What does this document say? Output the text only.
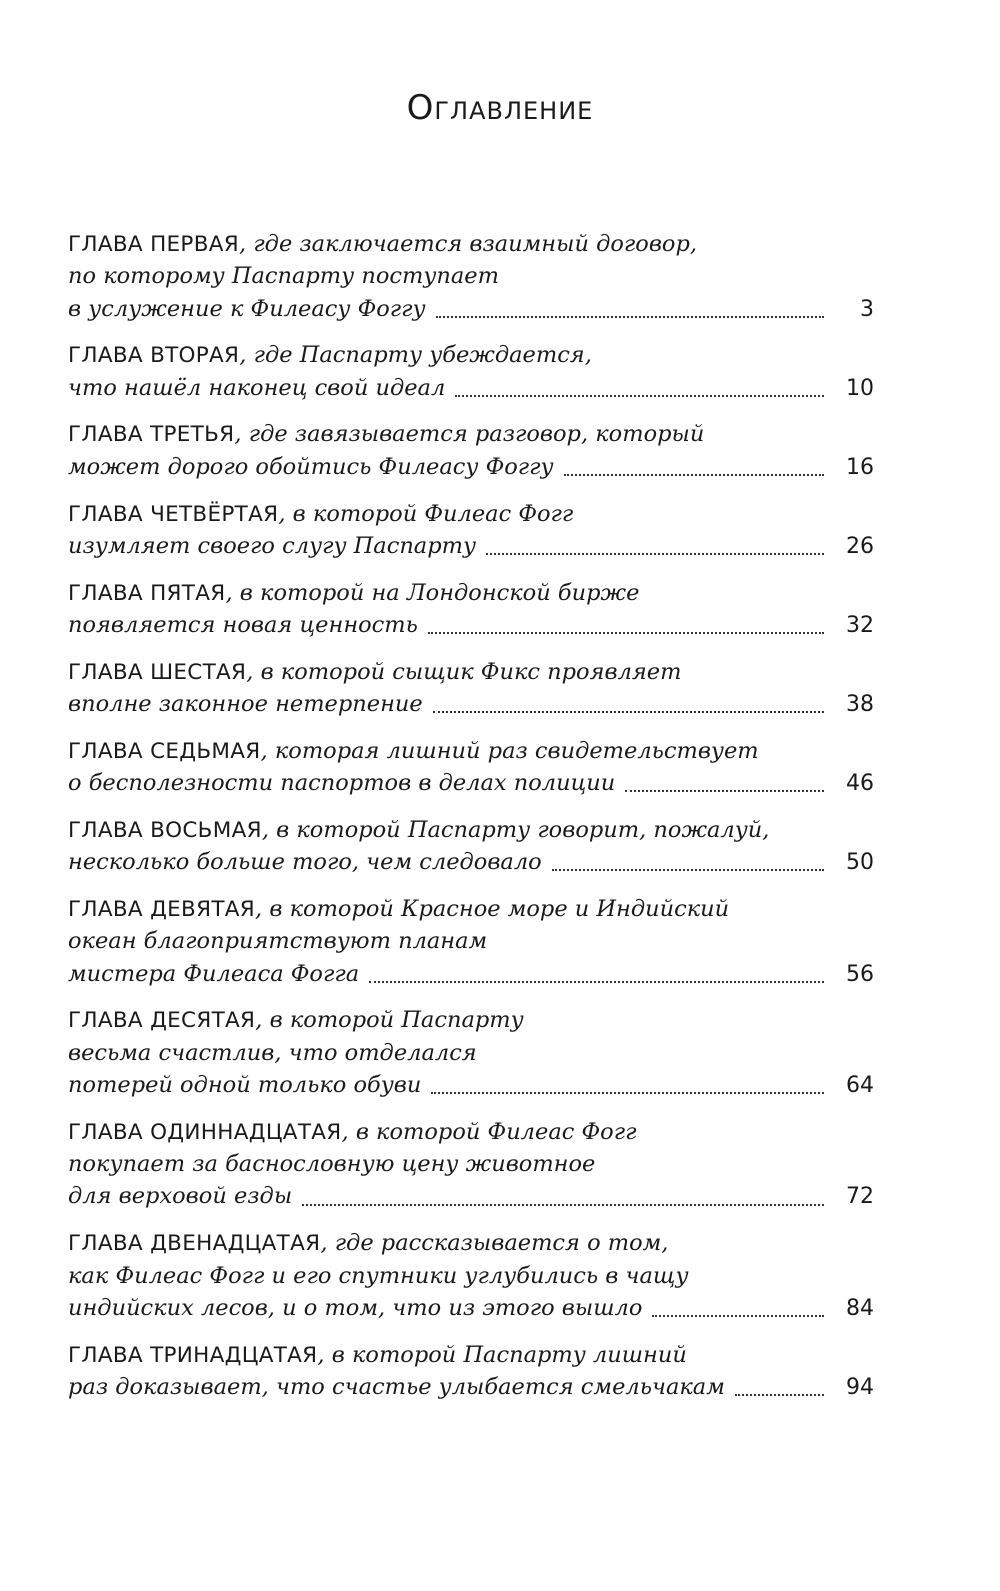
Оглавление
ГЛАВА ПЕРВАЯ, где заключается взаимный договор,
по которому Паспарту поступает
в услужение к Филеасу Фоггу	3
ГЛАВА ВТОРАЯ, где Паспарту убеждается,
что нашёл наконец свой идеал	10
ГЛАВА ТРЕТЬЯ, где завязывается разговор, который
может дорого обойтись Филеасу Фоггу	16
ГЛАВА ЧЕТВЁРТАЯ, в которой Филеас Фогг
изумляет своего слугу Паспарту	26
ГЛАВА ПЯТАЯ, в которой на Лондонской бирже
появляется новая ценность	32
ГЛАВА ШЕСТАЯ, в которой сыщик Фикс проявляет
вполне законное нетерпение	38
ГЛАВА СЕДЬМАЯ, которая лишний раз свидетельствует
о бесполезности паспортов в делах полиции	46
ГЛАВА ВОСЬМАЯ, в которой Паспарту говорит, пожалуй,
несколько больше того, чем следовало	50
ГЛАВА ДЕВЯТАЯ, в которой Красное море и Индийский
океан благоприятствуют планам
мистера Филеаса Фогга	56
ГЛАВА ДЕСЯТАЯ, в которой Паспарту
весьма счастлив, что отделался
потерей одной только обуви	64
ГЛАВА ОДИННАДЦАТАЯ, в которой Филеас Фогг
покупает за баснословную цену животное
для верховой езды	72
ГЛАВА ДВЕНАДЦАТАЯ, где рассказывается о том,
как Филеас Фогг и его спутники углубились в чащу
индийских лесов, и о том, что из этого вышло	84
ГЛАВА ТРИНАДЦАТАЯ, в которой Паспарту лишний
раз доказывает, что счастье улыбается смельчакам	94
